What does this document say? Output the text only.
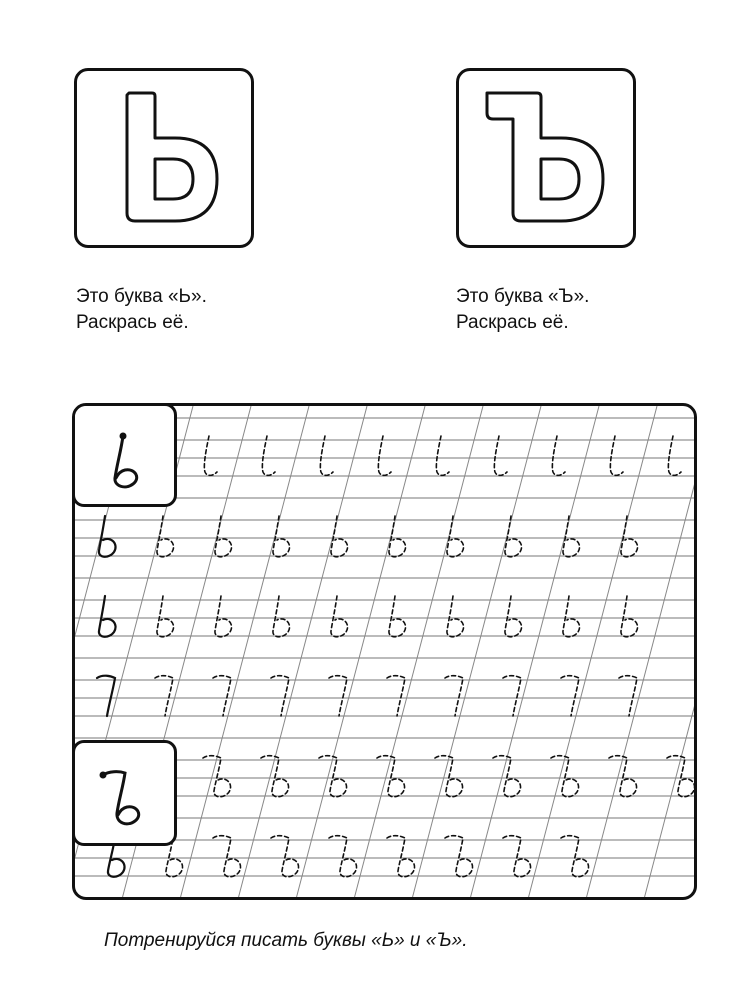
Это буква «Ь».
Раскрась её.
Это буква «Ъ».
Раскрась её.
Потренируйся писать буквы «Ь» и «Ъ».
